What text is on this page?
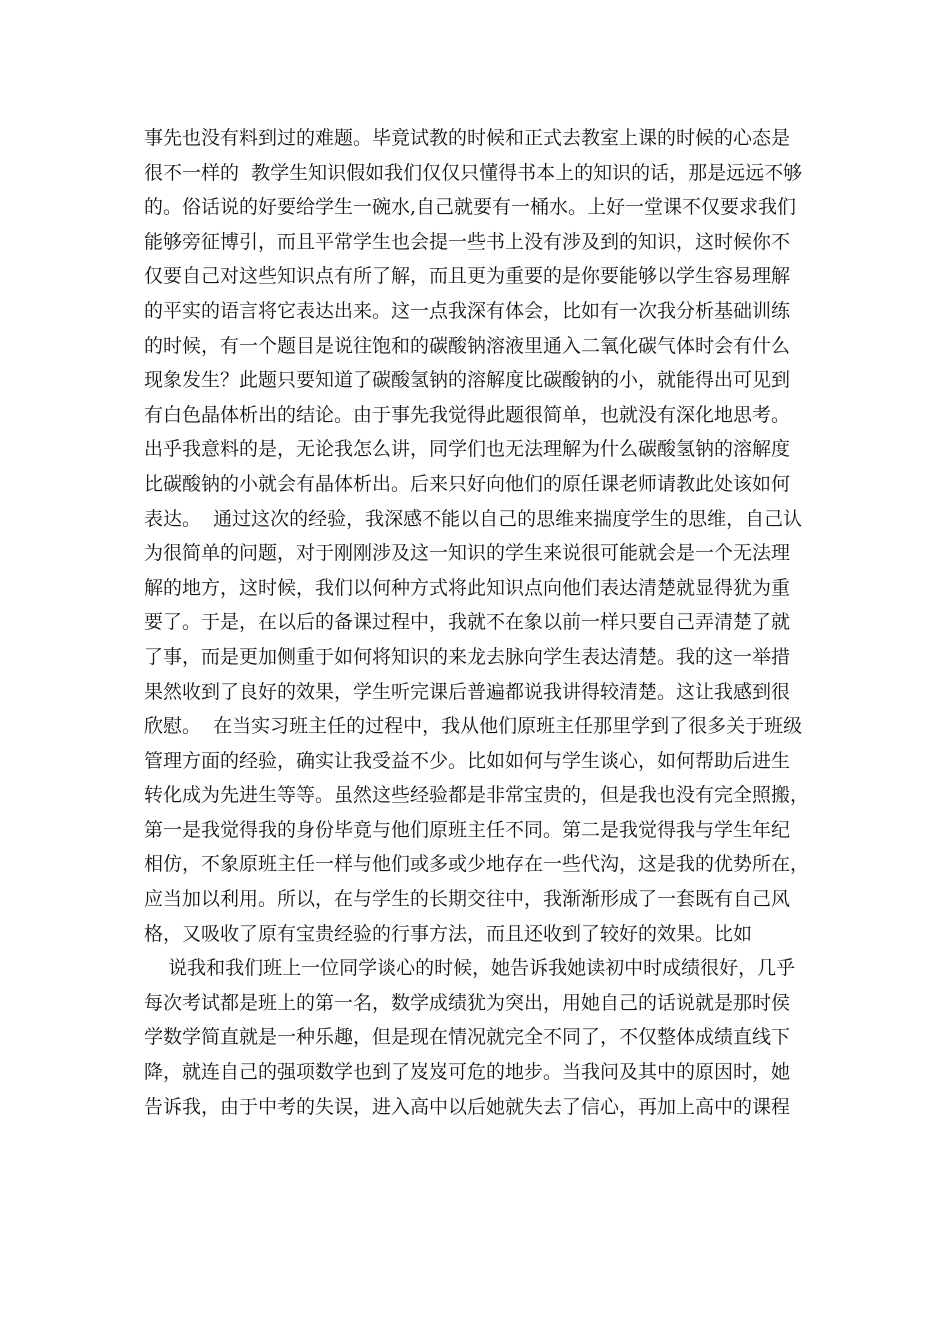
事先也没有料到过的难题。毕竟试教的时候和正式去教室上课的时候的心态是
很不一样的  教学生知识假如我们仅仅只懂得书本上的知识的话，那是远远不够
的。俗话说的好要给学生一碗水,自己就要有一桶水。上好一堂课不仅要求我们
能够旁征博引，而且平常学生也会提一些书上没有涉及到的知识，这时候你不
仅要自己对这些知识点有所了解，而且更为重要的是你要能够以学生容易理解
的平实的语言将它表达出来。这一点我深有体会，比如有一次我分析基础训练
的时候，有一个题目是说往饱和的碳酸钠溶液里通入二氧化碳气体时会有什么
现象发生？此题只要知道了碳酸氢钠的溶解度比碳酸钠的小，就能得出可见到
有白色晶体析出的结论。由于事先我觉得此题很简单，也就没有深化地思考。
出乎我意料的是，无论我怎么讲，同学们也无法理解为什么碳酸氢钠的溶解度
比碳酸钠的小就会有晶体析出。后来只好向他们的原任课老师请教此处该如何
表达。  通过这次的经验，我深感不能以自己的思维来揣度学生的思维，自己认
为很简单的问题，对于刚刚涉及这一知识的学生来说很可能就会是一个无法理
解的地方，这时候，我们以何种方式将此知识点向他们表达清楚就显得犹为重
要了。于是，在以后的备课过程中，我就不在象以前一样只要自己弄清楚了就
了事，而是更加侧重于如何将知识的来龙去脉向学生表达清楚。我的这一举措
果然收到了良好的效果，学生听完课后普遍都说我讲得较清楚。这让我感到很
欣慰。  在当实习班主任的过程中，我从他们原班主任那里学到了很多关于班级
管理方面的经验，确实让我受益不少。比如如何与学生谈心，如何帮助后进生
转化成为先进生等等。虽然这些经验都是非常宝贵的，但是我也没有完全照搬，
第一是我觉得我的身份毕竟与他们原班主任不同。第二是我觉得我与学生年纪
相仿，不象原班主任一样与他们或多或少地存在一些代沟，这是我的优势所在，
应当加以利用。所以，在与学生的长期交往中，我渐渐形成了一套既有自己风
格，又吸收了原有宝贵经验的行事方法，而且还收到了较好的效果。比如
说我和我们班上一位同学谈心的时候，她告诉我她读初中时成绩很好，几乎
每次考试都是班上的第一名，数学成绩犹为突出，用她自己的话说就是那时侯
学数学简直就是一种乐趣，但是现在情况就完全不同了，不仅整体成绩直线下
降，就连自己的强项数学也到了岌岌可危的地步。当我问及其中的原因时，她
告诉我，由于中考的失误，进入高中以后她就失去了信心，再加上高中的课程
